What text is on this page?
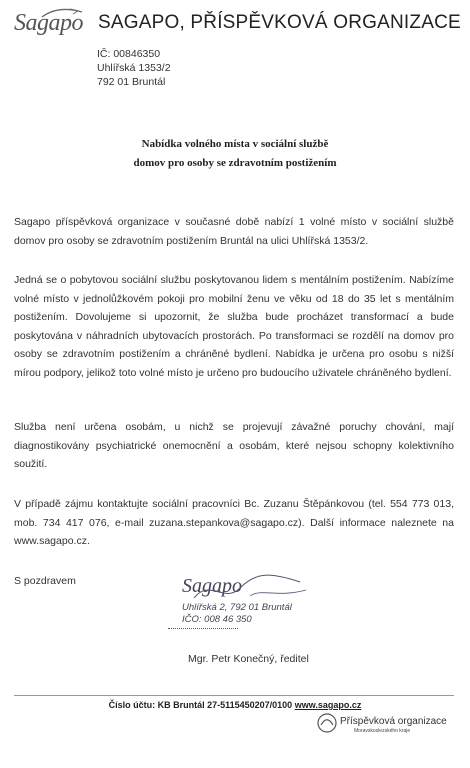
Sagapo SAGAPO, PŘÍSPĚVKOVÁ ORGANIZACE
IČ: 00846350
Uhlířská 1353/2
792 01 Bruntál
Nabídka volného místa v sociální službě
domov pro osoby se zdravotním postižením
Sagapo příspěvková organizace v současné době nabízí 1 volné místo v sociální službě domov pro osoby se zdravotním postižením Bruntál na ulici Uhlířská 1353/2.
Jedná se o pobytovou sociální službu poskytovanou lidem s mentálním postižením. Nabízíme volné místo v jednolůžkovém pokoji pro mobilní ženu ve věku od 18 do 35 let s mentálním postižením. Dovolujeme si upozornit, že služba bude procházet transformací a bude poskytována v náhradních ubytovacích prostorách. Po transformaci se rozdělí na domov pro osoby se zdravotním postižením a chráněné bydlení. Nabídka je určena pro osobu s nižší mírou podpory, jelikož toto volné místo je určeno pro budoucího uživatele chráněného bydlení.
Služba není určena osobám, u nichž se projevují závažné poruchy chování, mají diagnostikovány psychiatrické onemocnění a osobám, které nejsou schopny kolektivního soužití.
V případě zájmu kontaktujte sociální pracovníci Bc. Zuzanu Štěpánkovou (tel. 554 773 013, mob. 734 417 076, e-mail zuzana.stepankova@sagapo.cz). Další informace naleznete na www.sagapo.cz.
S pozdravem	Sagapo
Uhlířská 2, 792 01 Bruntál
IČO: 008 46 350
Mgr. Petr Konečný, ředitel
Číslo účtu: KB Bruntál 27-5115450207/0100 www.sagapo.cz
Příspěvková organizace
Moravskoslezského kraje
